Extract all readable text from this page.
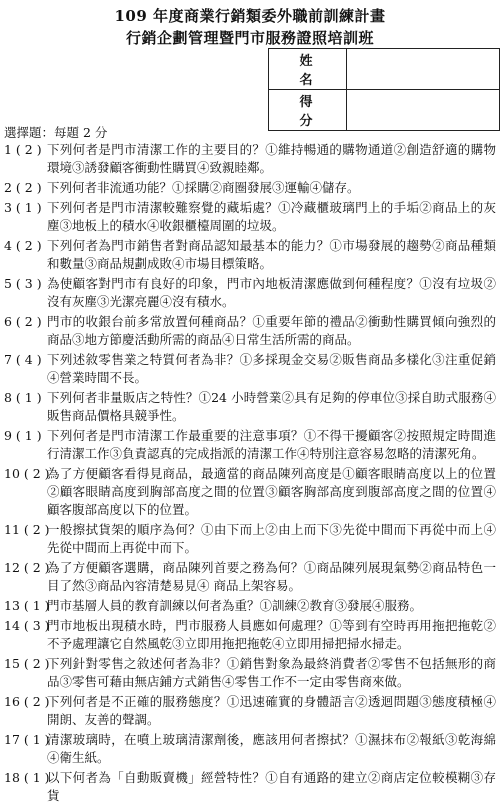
109 年度商業行銷類委外職前訓練計畫
行銷企劃管理暨門市服務證照培訓班
姓 名	
得 分	
選擇題：每題 2 分
1 ( 2 ) 下列何者是門市清潔工作的主要目的？①維持暢通的購物通道②創造舒適的購物環境③誘發顧客衝動性購買④致親睦鄰。
2 ( 2 ) 下列何者非流通功能？①採購②商圈發展③運輸④儲存。
3 ( 1 ) 下列何者是門市清潔較難察覺的藏垢處？①冷藏櫃玻璃門上的手垢②商品上的灰塵③地板上的積水④收銀櫃檯周圍的垃圾。
4 ( 2 ) 下列何者為門市銷售者對商品認知最基本的能力？①市場發展的趨勢②商品種類和數量③商品規劃成敗④市場目標策略。
5 ( 3 ) 為使顧客對門市有良好的印象，門市內地板清潔應做到何種程度？①沒有垃圾②沒有灰塵③光潔亮麗④沒有積水。
6 ( 2 ) 門市的收銀台前多常放置何種商品？①重要年節的禮品②衝動性購買傾向強烈的商品③地方節慶活動所需的商品④日常生活所需的商品。
7 ( 4 ) 下列述敘零售業之特質何者為非？①多採現金交易②販售商品多樣化③注重促銷④營業時間不長。
8 ( 1 ) 下列何者非量販店之特性？①24 小時營業②具有足夠的停車位③採自助式服務④販售商品價格具競爭性。
9 ( 1 ) 下列何者是門市清潔工作最重要的注意事項？①不得干擾顧客②按照規定時間進行清潔工作③負責認真的完成指派的清潔工作④特別注意容易忽略的清潔死角。
10 ( 2 )
為了方便顧客看得見商品，最適當的商品陳列高度是①顧客眼睛高度以上的位置②顧客眼睛高度到胸部高度之間的位置③顧客胸部高度到腹部高度之間的位置④顧客腹部高度以下的位置。
11 ( 2 )
一般擦拭貨架的順序為何？①由下而上②由上而下③先從中間而下再從中而上④先從中間而上再從中而下。
12 ( 2 )
為了方便顧客選購，商品陳列首要之務為何？①商品陳列展現氣勢②商品特色一目了然③商品內容清楚易見④ 商品上架容易。
13 ( 1 )
門市基層人員的教育訓練以何者為重？①訓練②教育③發展④服務。
14 ( 3 )
門市地板出現積水時，門市服務人員應如何處理？①等到有空時再用拖把拖乾②不予處理讓它自然風乾③立即用拖把拖乾④立即用掃把掃水掃走。
15 ( 2 )
下列針對零售之敘述何者為非？①銷售對象為最終消費者②零售不包括無形的商品③零售可藉由無店鋪方式銷售④零售工作不一定由零售商來做。
16 ( 2 )
下列何者是不正確的服務態度？①迅速確實的身體語言②透迴問題③態度積極④開朗、友善的聲調。
17 ( 1 )
清潔玻璃時，在噴上玻璃清潔劑後，應該用何者擦拭？①濕抹布②報紙③乾海綿④衛生紙。
18 ( 1 )
以下何者為「自動販賣機」經營特性？①自有通路的建立②商店定位較模糊③存貨
